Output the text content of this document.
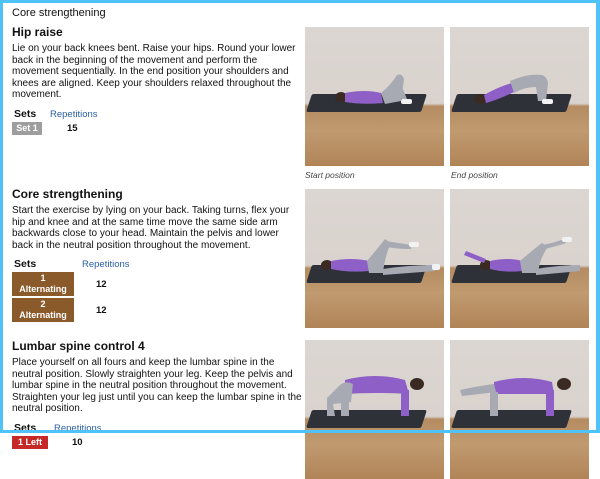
Core strengthening
Hip raise

Lie on your back knees bent. Raise your hips. Round your lower back in the beginning of the movement and perform the movement sequentially. In the end position your shoulders and knees are aligned. Keep your shoulders relaxed throughout the movement.

Sets	Repetitions
Set 1	15
Core strengthening

Start the exercise by lying on your back. Taking turns, flex your hip and knee and at the same time move the same side arm backwards close to your head. Maintain the pelvis and lower back in the neutral position throughout the movement.

Sets	Repetitions
1 Alternating	12
2 Alternating	12
Lumbar spine control 4

Place yourself on all fours and keep the lumbar spine in the neutral position. Slowly straighten your leg. Keep the pelvis and lumbar spine in the neutral position throughout the movement. Straighten your leg just until you can keep the lumbar spine in the neutral position.

Sets	Repetitions
1 Left	10
Start position	End position
